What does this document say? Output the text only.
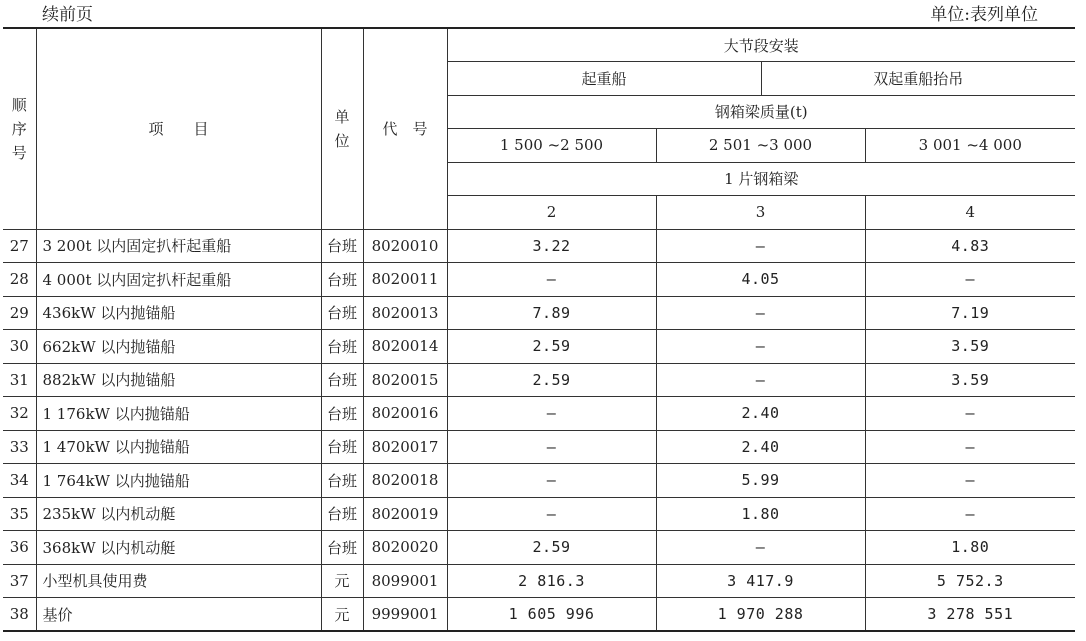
续前页	单位:表列单位
顺
序
号	项　　目	单
位	代　号	大节段安装			
				起重船		双起重船抬吊	
				钢箱梁质量(t)			
				1 500 ~2 500	2 501 ~3 000		3 001 ~4 000
				1 片钢箱梁			
				2	3		4
27	3 200t 以内固定扒杆起重船	台班	8020010	3.22	—		4.83
28	4 000t 以内固定扒杆起重船	台班	8020011	—	4.05		—
29	436kW 以内抛锚船	台班	8020013	7.89	—		7.19
30	662kW 以内抛锚船	台班	8020014	2.59	—		3.59
31	882kW 以内抛锚船	台班	8020015	2.59	—		3.59
32	1 176kW 以内抛锚船	台班	8020016	—	2.40		—
33	1 470kW 以内抛锚船	台班	8020017	—	2.40		—
34	1 764kW 以内抛锚船	台班	8020018	—	5.99		—
35	235kW 以内机动艇	台班	8020019	—	1.80		—
36	368kW 以内机动艇	台班	8020020	2.59	—		1.80
37	小型机具使用费	元	8099001	2 816.3	3 417.9		5 752.3
38	基价	元	9999001	1 605 996	1 970 288		3 278 551
